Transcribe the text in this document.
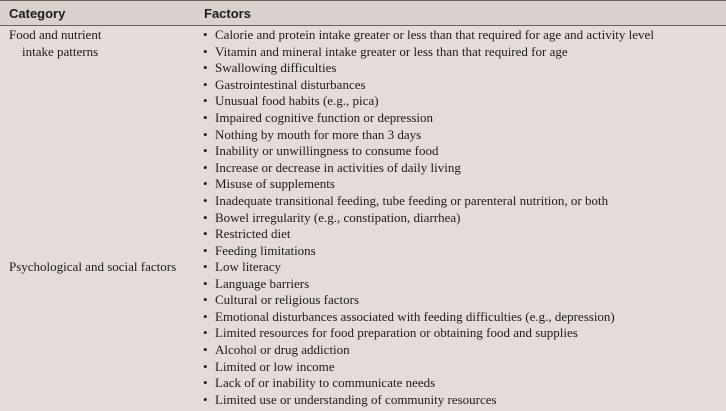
Category	Factors
Food and nutrient
intake patterns
• Calorie and protein intake greater or less than that required for age and activity level
• Vitamin and mineral intake greater or less than that required for age
• Swallowing difficulties
• Gastrointestinal disturbances
• Unusual food habits (e.g., pica)
• Impaired cognitive function or depression
• Nothing by mouth for more than 3 days
• Inability or unwillingness to consume food
• Increase or decrease in activities of daily living
• Misuse of supplements
• Inadequate transitional feeding, tube feeding or parenteral nutrition, or both
• Bowel irregularity (e.g., constipation, diarrhea)
• Restricted diet
• Feeding limitations
Psychological and social factors	• Low literacy
• Language barriers
• Cultural or religious factors
• Emotional disturbances associated with feeding difficulties (e.g., depression)
• Limited resources for food preparation or obtaining food and supplies
• Alcohol or drug addiction
• Limited or low income
• Lack of or inability to communicate needs
• Limited use or understanding of community resources
